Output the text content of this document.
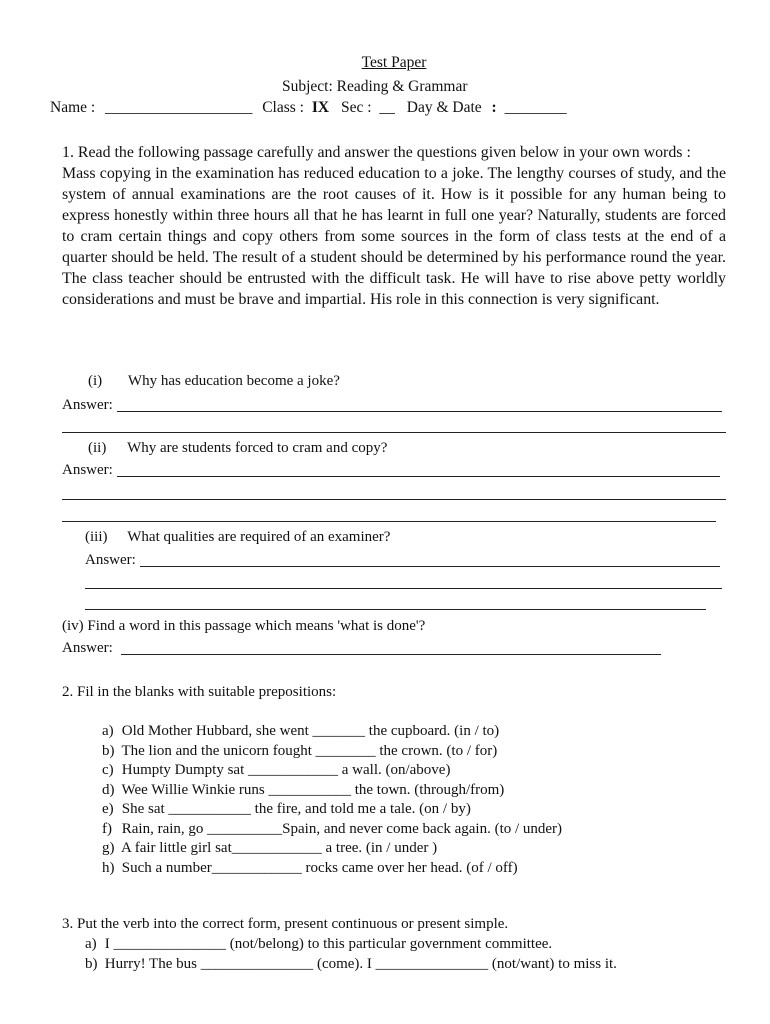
Test Paper
Subject: Reading & Grammar
Name : ___________________ Class : IX Sec : __ Day & Date : ________
1. Read the following passage carefully and answer the questions given below in your own words :
Mass copying in the examination has reduced education to a joke. The lengthy courses of study, and the system of annual examinations are the root causes of it. How is it possible for any human being to express honestly within three hours all that he has learnt in full one year? Naturally, students are forced to cram certain things and copy others from some sources in the form of class tests at the end of a quarter should be held. The result of a student should be determined by his performance round the year. The class teacher should be entrusted with the difficult task. He will have to rise above petty worldly considerations and must be brave and impartial. His role in this connection is very significant.
(i) Why has education become a joke?
Answer:
(ii) Why are students forced to cram and copy?
Answer:
(iii) What qualities are required of an examiner?
Answer:
(iv) Find a word in this passage which means 'what is done'?
Answer:
2. Fil in the blanks with suitable prepositions:
a) Old Mother Hubbard, she went _______ the cupboard. (in / to)
b) The lion and the unicorn fought ________ the crown. (to / for)
c) Humpty Dumpty sat ____________ a wall. (on/above)
d) Wee Willie Winkie runs ___________ the town. (through/from)
e) She sat ___________ the fire, and told me a tale. (on / by)
f) Rain, rain, go __________Spain, and never come back again. (to / under)
g) A fair little girl sat____________ a tree. (in / under )
h) Such a number____________ rocks came over her head. (of / off)
3. Put the verb into the correct form, present continuous or present simple.
a) I _______________ (not/belong) to this particular government committee.
b) Hurry! The bus _______________ (come). I _______________ (not/want) to miss it.
